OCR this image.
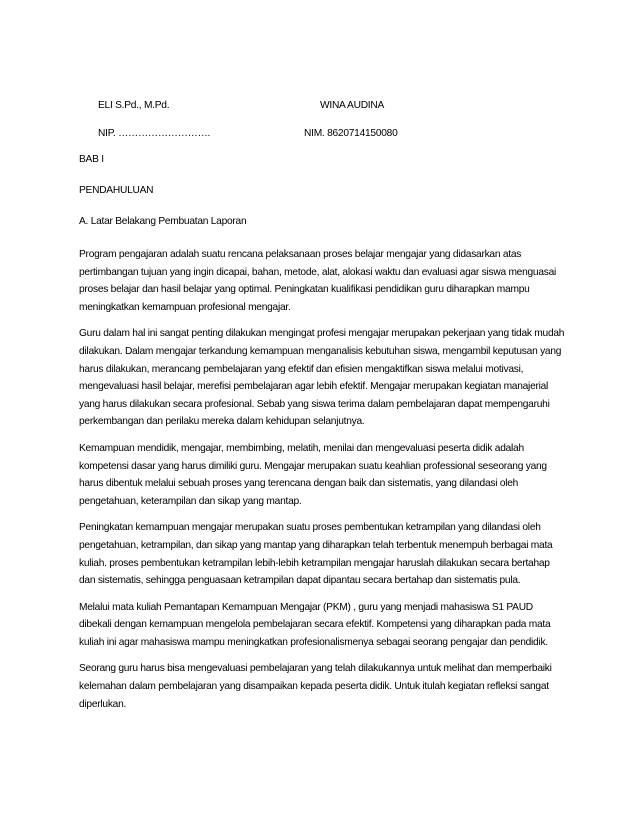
ELI S.Pd., M.Pd.	WINA AUDINA
NIP. ……………………….	NIM. 8620714150080

BAB I

PENDAHULUAN

A. Latar Belakang Pembuatan Laporan

Program pengajaran adalah suatu rencana pelaksanaan proses belajar mengajar yang didasarkan atas pertimbangan tujuan yang ingin dicapai, bahan, metode, alat, alokasi waktu dan evaluasi agar siswa menguasai proses belajar dan hasil belajar yang optimal. Peningkatan kualifikasi pendidikan guru diharapkan mampu meningkatkan kemampuan profesional mengajar.

Guru dalam hal ini sangat penting dilakukan mengingat profesi mengajar merupakan pekerjaan yang tidak mudah dilakukan. Dalam mengajar terkandung kemampuan menganalisis kebutuhan siswa, mengambil keputusan yang harus dilakukan, merancang pembelajaran yang efektif dan efisien mengaktifkan siswa melalui motivasi, mengevaluasi hasil belajar, merefisi pembelajaran agar lebih efektif. Mengajar merupakan kegiatan manajerial yang harus dilakukan secara profesional. Sebab yang siswa terima dalam pembelajaran dapat mempengaruhi perkembangan dan perilaku mereka dalam kehidupan selanjutnya.

Kemampuan mendidik, mengajar, membimbing, melatih, menilai dan mengevaluasi peserta didik adalah kompetensi dasar yang harus dimiliki guru. Mengajar merupakan suatu keahlian professional seseorang yang harus dibentuk melalui sebuah proses yang terencana dengan baik dan sistematis, yang dilandasi oleh pengetahuan, keterampilan dan sikap yang mantap.

Peningkatan kemampuan mengajar merupakan suatu proses pembentukan ketrampilan yang dilandasi oleh pengetahuan, ketrampilan, dan sikap yang mantap yang diharapkan telah terbentuk menempuh berbagai mata kuliah. proses pembentukan ketrampilan lebih-lebih ketrampilan mengajar haruslah dilakukan secara bertahap dan sistematis, sehingga penguasaan ketrampilan dapat dipantau secara bertahap dan sistematis pula.

Melalui mata kuliah Pemantapan Kemampuan Mengajar (PKM) , guru yang menjadi mahasiswa S1 PAUD dibekali dengan kemampuan mengelola pembelajaran secara efektif. Kompetensi yang diharapkan pada mata kuliah ini agar mahasiswa mampu meningkatkan profesionalismenya sebagai seorang pengajar dan pendidik.

Seorang guru harus bisa mengevaluasi pembelajaran yang telah dilakukannya untuk melihat dan memperbaiki kelemahan dalam pembelajaran yang disampaikan kepada peserta didik. Untuk itulah kegiatan refleksi sangat diperlukan.
